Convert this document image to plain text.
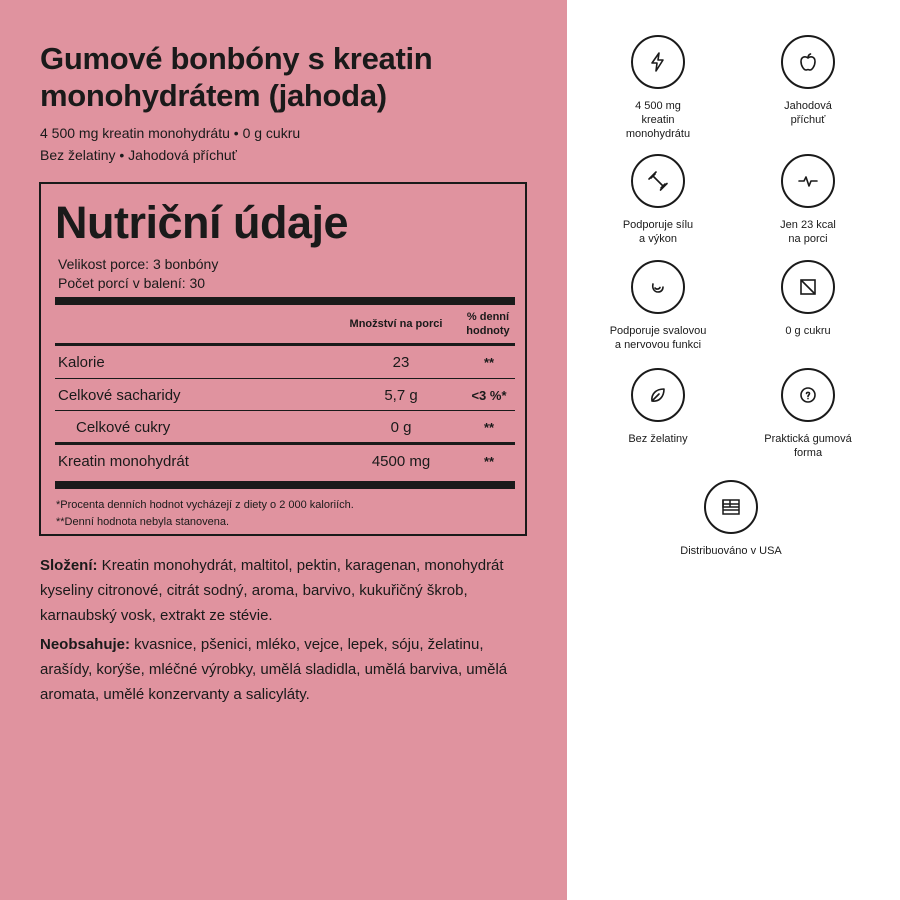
Gumové bonbóny s kreatin monohydrátem (jahoda)
4 500 mg kreatin monohydrátu • 0 g cukru
Bez želatiny • Jahodová příchuť
Nutriční údaje
Velikost porce: 3 bonbóny
Počet porcí v balení: 30
Množství na porci
% denní hodnoty
Kalorie	23	**
Celkové sacharidy	5,7 g	<3 %*
Celkové cukry	0 g	**
Kreatin monohydrát	4500 mg	**
*Procenta denních hodnot vycházejí z diety o 2 000 kaloriích.
**Denní hodnota nebyla stanovena.

Složení: Kreatin monohydrát, maltitol, pektin, karagenan, monohydrát kyseliny citronové, citrát sodný, aroma, barvivo, kukuřičný škrob, karnaubský vosk, extrakt ze stévie.

Neobsahuje: kvasnice, pšenici, mléko, vejce, lepek, sóju, želatinu, arašídy, korýše, mléčné výrobky, umělá sladidla, umělá barviva, umělá aromata, umělé konzervanty a salicyláty.

4 500 mg
kreatin
monohydrátu
Jahodová
příchuť
Podporuje sílu
a výkon
Jen 23 kcal
na porci
Podporuje svalovou
a nervovou funkci
0 g cukru
Bez želatiny	Praktická gumová
forma
Distribuováno v USA
